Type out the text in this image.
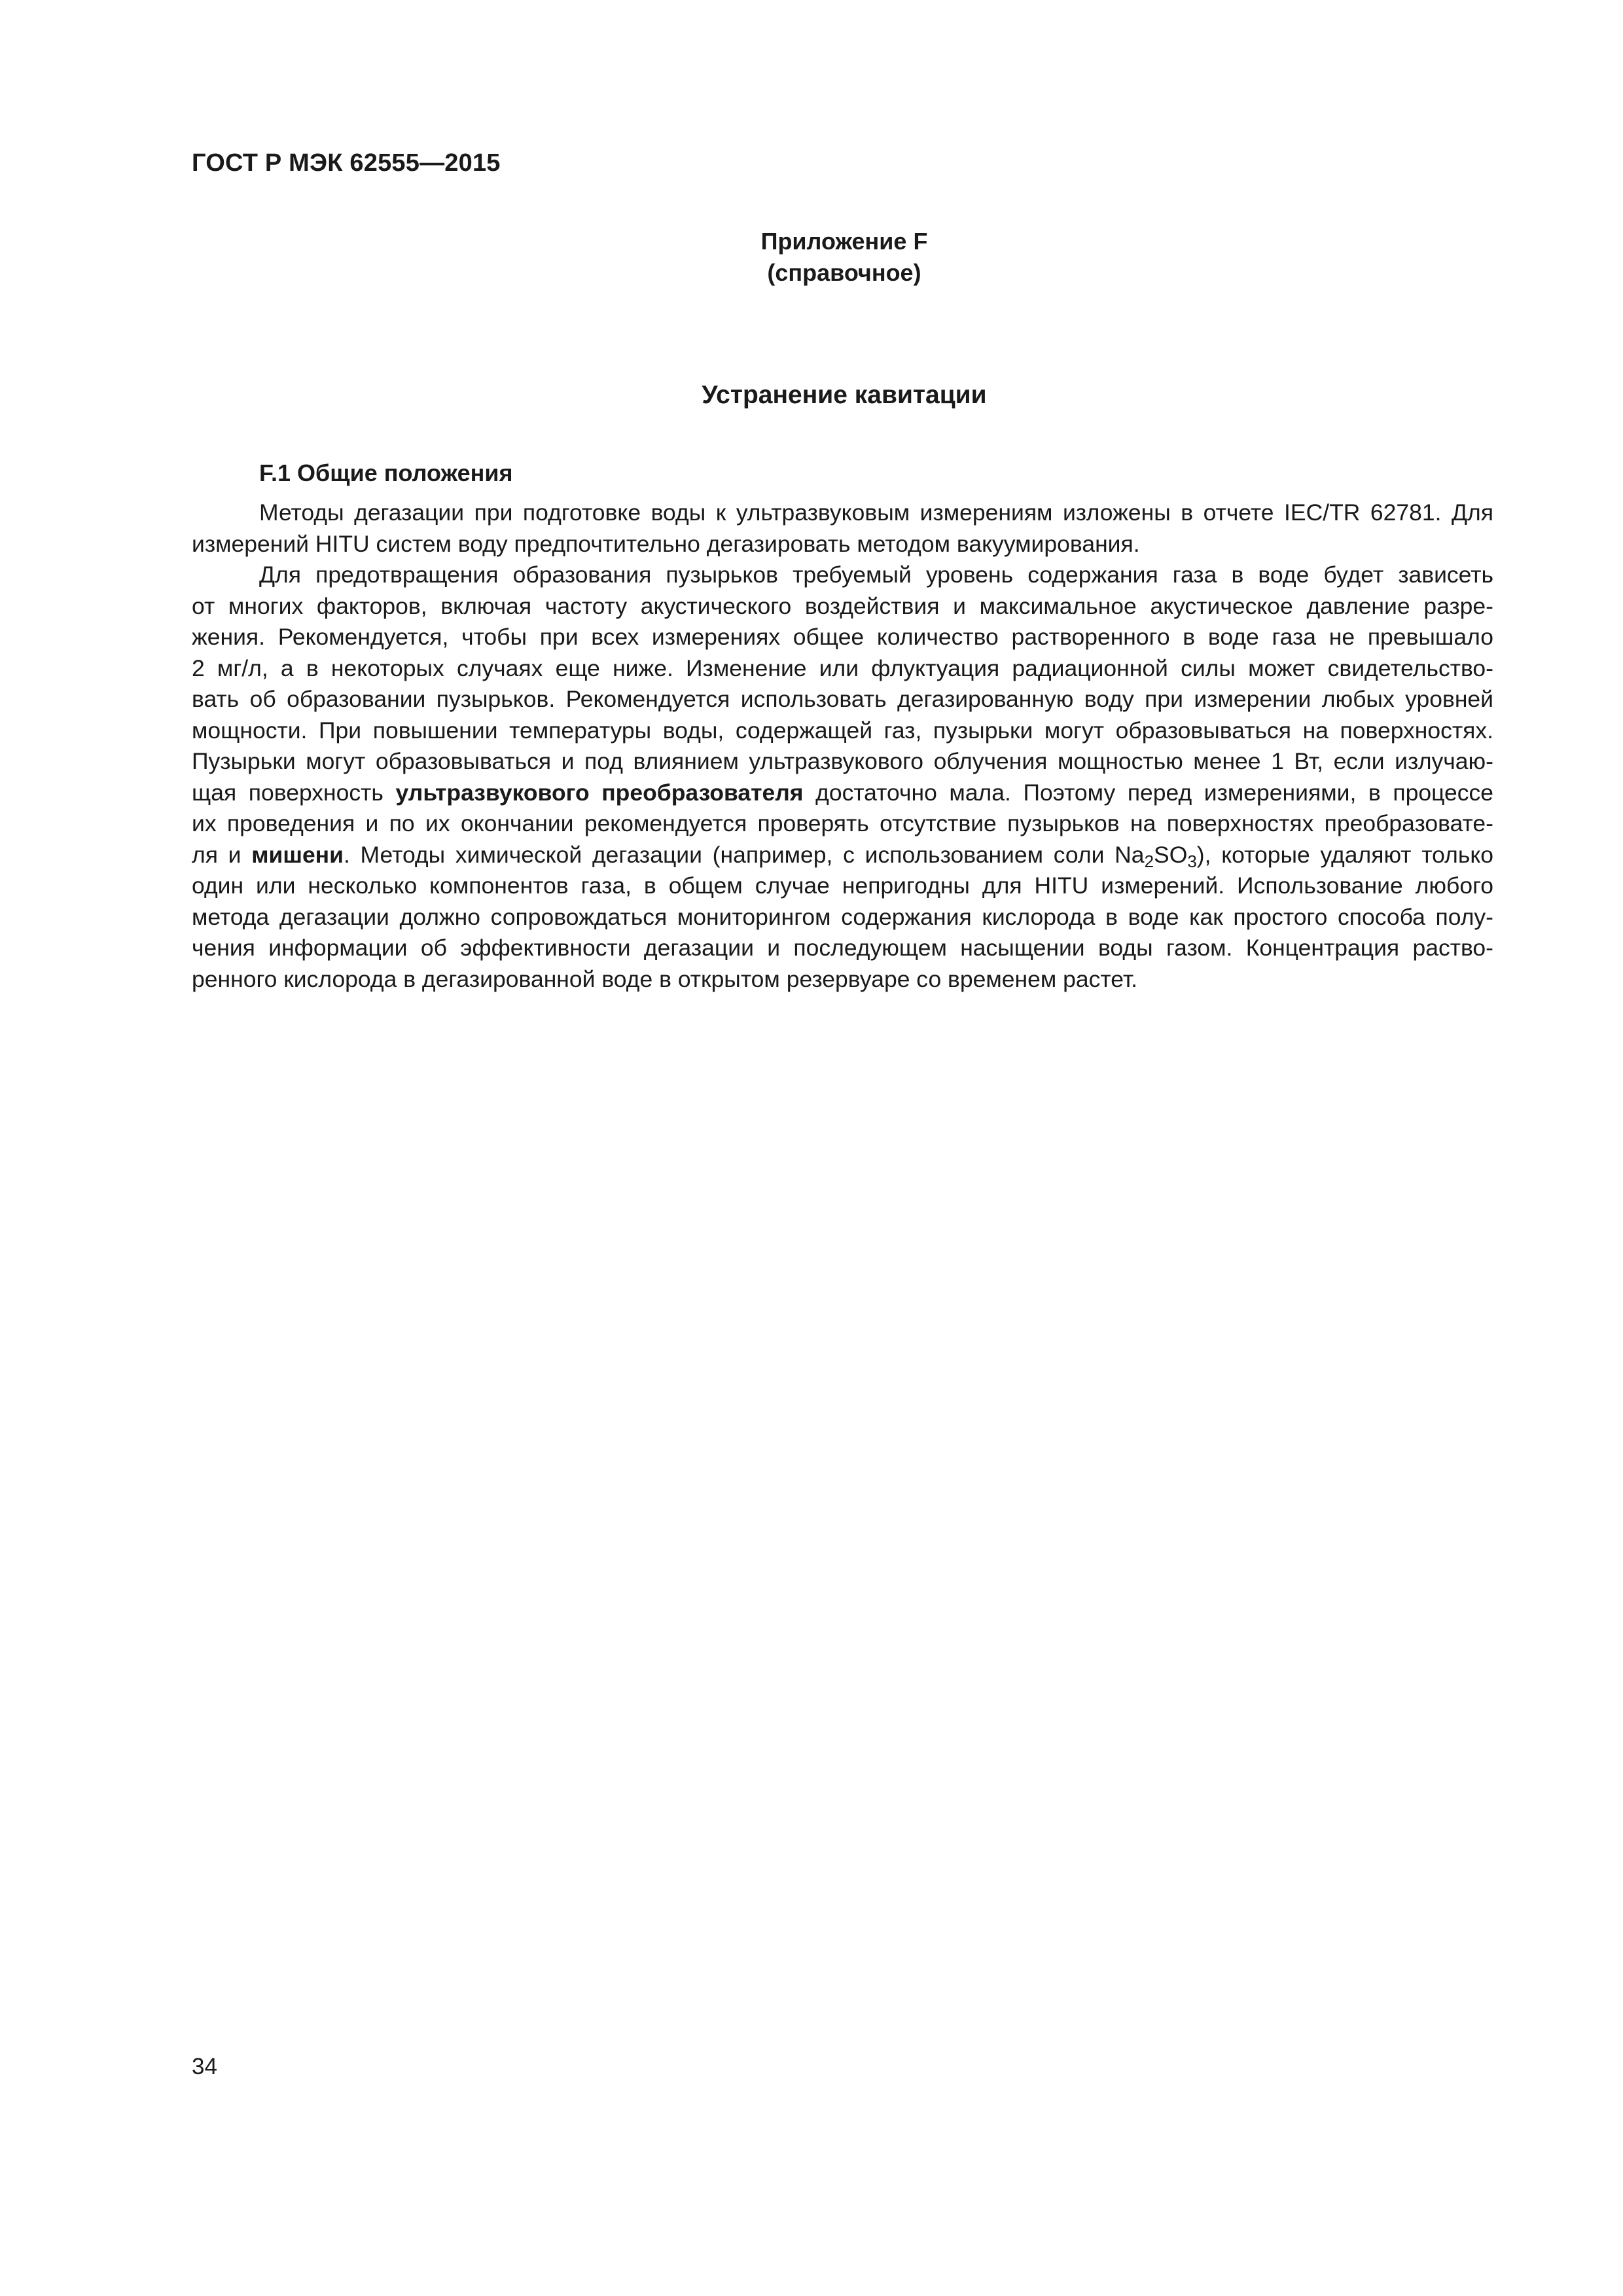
ГОСТ Р МЭК 62555—2015
Приложение F
(справочное)
Устранение кавитации
F.1 Общие положения
Методы дегазации при подготовке воды к ультразвуковым измерениям изложены в отчете IEC/TR 62781. Для
измерений HITU систем воду предпочтительно дегазировать методом вакуумирования.
Для предотвращения образования пузырьков требуемый уровень содержания газа в воде будет зависеть
от многих факторов, включая частоту акустического воздействия и максимальное акустическое давление разре-
жения. Рекомендуется, чтобы при всех измерениях общее количество растворенного в воде газа не превышало
2 мг/л, а в некоторых случаях еще ниже. Изменение или флуктуация радиационной силы может свидетельство-
вать об образовании пузырьков. Рекомендуется использовать дегазированную воду при измерении любых уровней
мощности. При повышении температуры воды, содержащей газ, пузырьки могут образовываться на поверхностях.
Пузырьки могут образовываться и под влиянием ультразвукового облучения мощностью менее 1 Вт, если излучаю-
щая поверхность ультразвукового преобразователя достаточно мала. Поэтому перед измерениями, в процессе
их проведения и по их окончании рекомендуется проверять отсутствие пузырьков на поверхностях преобразовате-
ля и мишени. Методы химической дегазации (например, с использованием соли $Na_2SO_3$), которые удаляют только
один или несколько компонентов газа, в общем случае непригодны для HITU измерений. Использование любого
метода дегазации должно сопровождаться мониторингом содержания кислорода в воде как простого способа полу-
чения информации об эффективности дегазации и последующем насыщении воды газом. Концентрация раство-
ренного кислорода в дегазированной воде в открытом резервуаре со временем растет.
34
